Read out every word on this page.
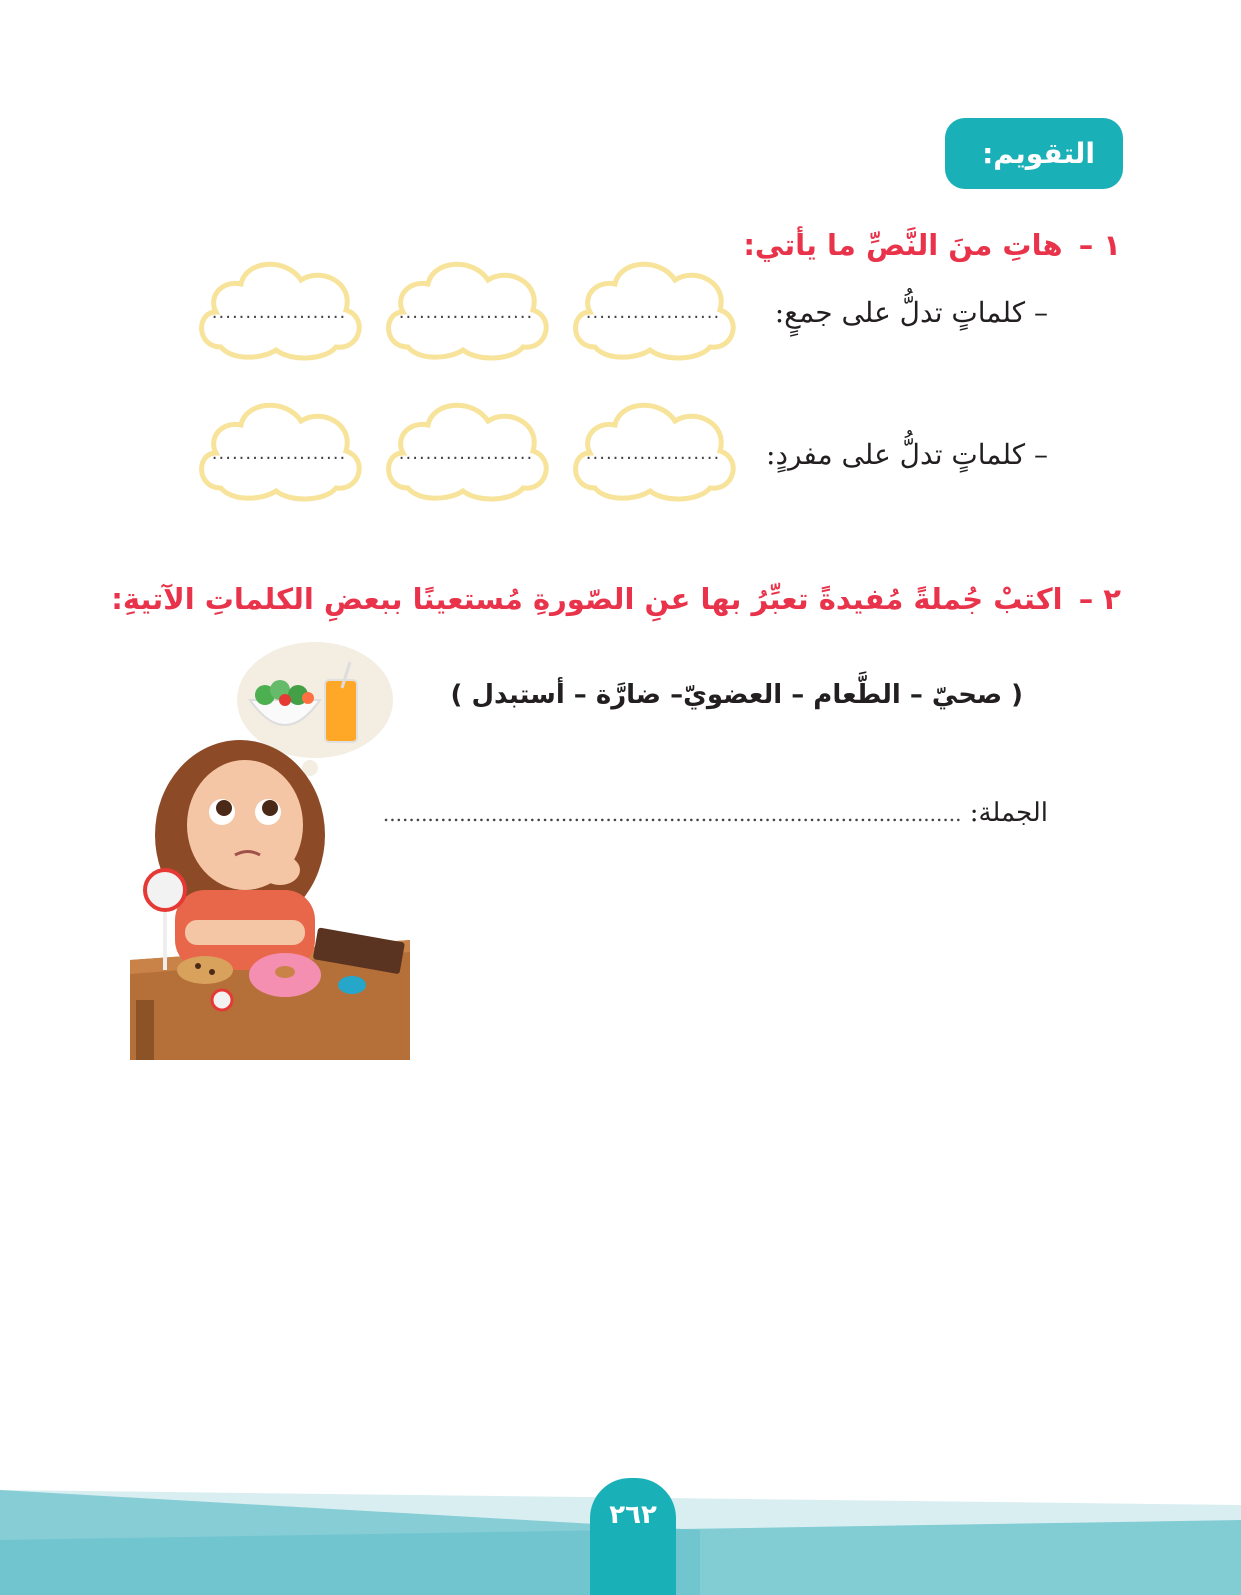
التقويم:
١ – هاتِ منَ النَّصِّ ما يأتي:
– كلماتٍ تدلُّ على جمعٍ:
– كلماتٍ تدلُّ على مفردٍ:
....................
....................
....................
....................
....................
....................
٢ – اكتبْ جُملةً مُفيدةً تعبِّرُ بها عنِ الصّورةِ مُستعينًا ببعضِ الكلماتِ الآتيةِ:
( صحيّ – الطَّعام – العضويّ– ضارَّة – أستبدل )
الجملة: ...........................................................................................
٢٦٢
